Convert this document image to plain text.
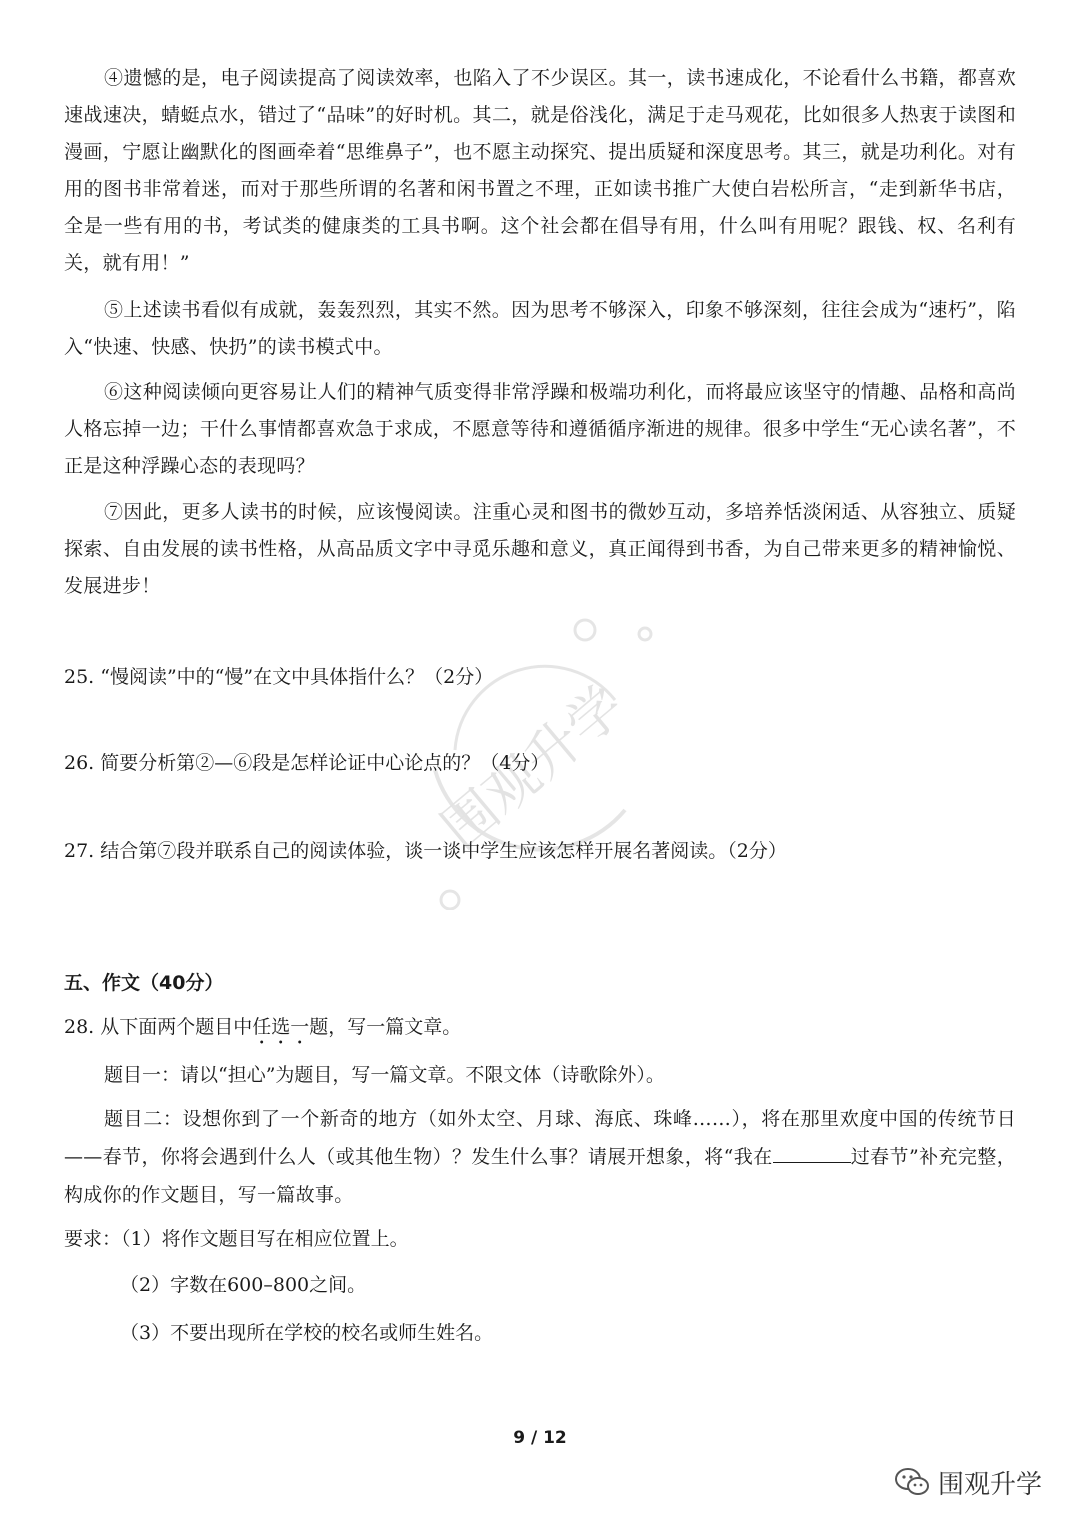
④遗憾的是，电子阅读提高了阅读效率，也陷入了不少误区。其一，读书速成化，不论看什么书籍，都喜欢速战速决，蜻蜓点水，错过了“品味”的好时机。其二，就是俗浅化，满足于走马观花，比如很多人热衷于读图和漫画，宁愿让幽默化的图画牵着“思维鼻子”，也不愿主动探究、提出质疑和深度思考。其三，就是功利化。对有用的图书非常着迷，而对于那些所谓的名著和闲书置之不理，正如读书推广大使白岩松所言，“走到新华书店，全是一些有用的书，考试类的健康类的工具书啊。这个社会都在倡导有用，什么叫有用呢？跟钱、权、名利有关，就有用！”

⑤上述读书看似有成就，轰轰烈烈，其实不然。因为思考不够深入，印象不够深刻，往往会成为“速朽”，陷入“快速、快感、快扔”的读书模式中。

⑥这种阅读倾向更容易让人们的精神气质变得非常浮躁和极端功利化，而将最应该坚守的情趣、品格和高尚人格忘掉一边；干什么事情都喜欢急于求成，不愿意等待和遵循循序渐进的规律。很多中学生“无心读名著”，不正是这种浮躁心态的表现吗？

⑦因此，更多人读书的时候，应该慢阅读。注重心灵和图书的微妙互动，多培养恬淡闲适、从容独立、质疑探索、自由发展的读书性格，从高品质文字中寻觅乐趣和意义，真正闻得到书香，为自己带来更多的精神愉悦、发展进步！

25. “慢阅读”中的“慢”在文中具体指什么？（2分）

26. 简要分析第②—⑥段是怎样论证中心论点的？（4分）

27. 结合第⑦段并联系自己的阅读体验，谈一谈中学生应该怎样开展名著阅读。（2分）

五、作文（40分）

28. 从下面两个题目中任选一题，写一篇文章。

题目一：请以“担心”为题目，写一篇文章。不限文体（诗歌除外）。

题目二：设想你到了一个新奇的地方（如外太空、月球、海底、珠峰……），将在那里欢度中国的传统节日——春节，你将会遇到什么人（或其他生物）？发生什么事？请展开想象，将“我在	过春节”补充完整，构成你的作文题目，写一篇故事。

要求：（1）将作文题目写在相应位置上。

（2）字数在600–800之间。

（3）不要出现所在学校的校名或师生姓名。

围观升学
9 / 12
围观升学
